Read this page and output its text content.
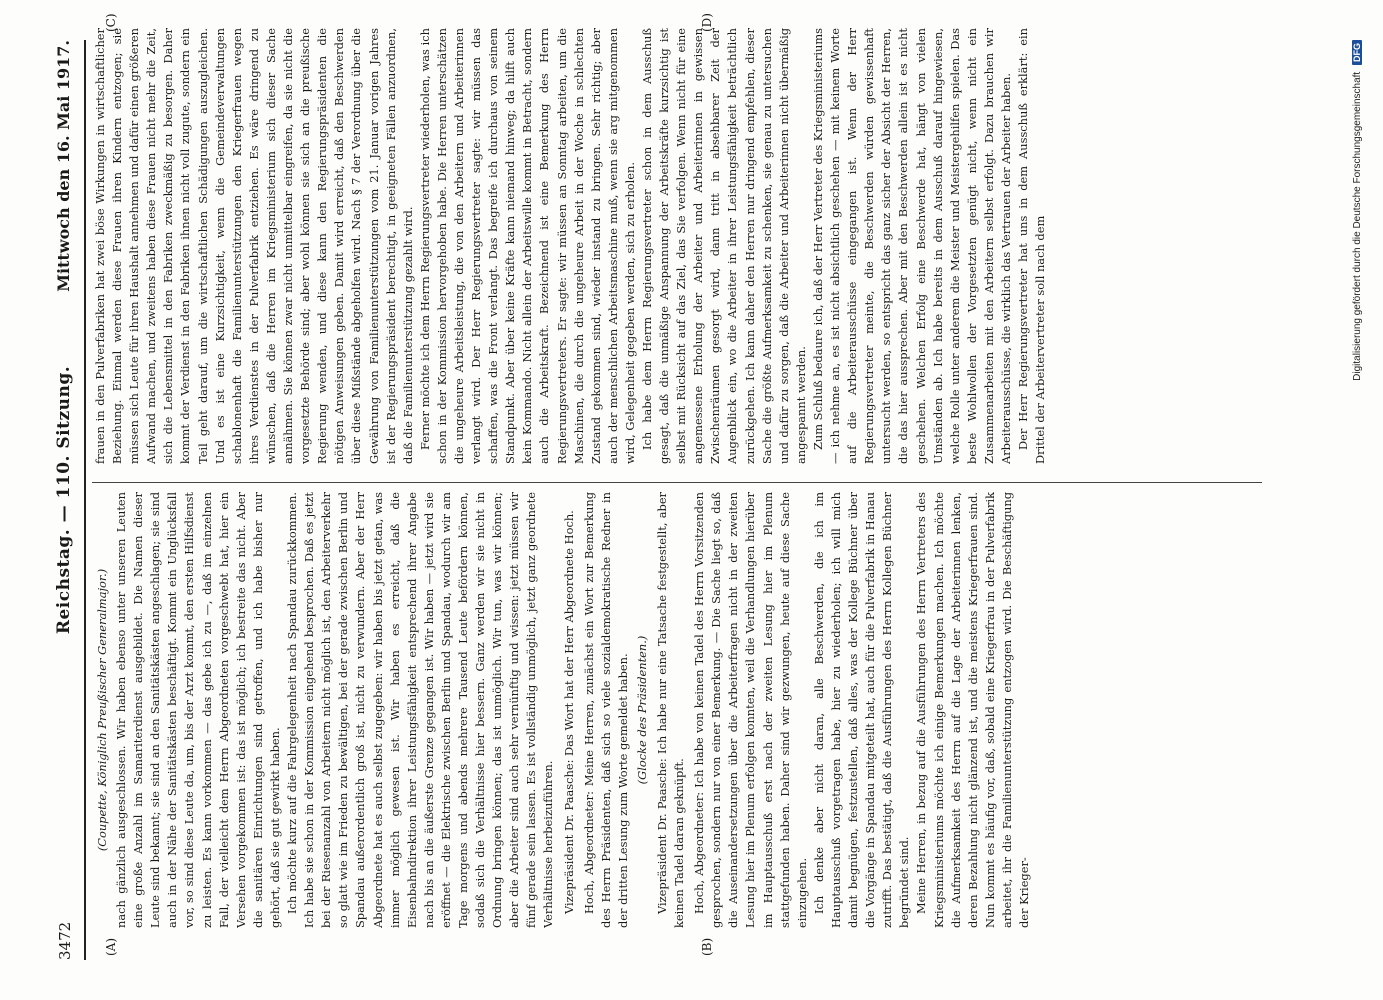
3472
Reichstag. — 110. Sitzung.
Mittwoch den 16. Mai 1917.
(A)	(B)
(C)	(D)

(Coupette, Königlich Preußischer Generalmajor.) nach gänzlich ausgeschlossen. Wir haben ebenso unter unseren Leuten eine große Anzahl im Samariterdienst ausgebildet. Die Namen dieser Leute sind bekannt; sie sind an den Sanitätskästen angeschlagen; sie sind auch in der Nähe der Sanitätskästen beschäftigt. Kommt ein Unglücksfall vor, so sind diese Leute da, um, bis der Arzt kommt, den ersten Hilfsdienst zu leisten. Es kann vorkommen — das gebe ich zu —, daß im einzelnen Fall, der vielleicht dem Herrn Abgeordneten vorgeschwebt hat, hier ein Versehen vorgekommen ist: das ist möglich; ich bestreite das nicht. Aber die sanitären Einrichtungen sind getroffen, und ich habe bisher nur gehört, daß sie gut gewirkt haben. Ich möchte kurz auf die Fahrgelegenheit nach Spandau zurückkommen. Ich habe sie schon in der Kommission eingehend besprochen. Daß es jetzt bei der Riesenanzahl von Arbeitern nicht möglich ist, den Arbeiterverkehr so glatt wie im Frieden zu bewältigen, bei der gerade zwischen Berlin und Spandau außerordentlich groß ist, nicht zu verwundern. Aber der Herr Abgeordnete hat es auch selbst zugegeben: wir haben bis jetzt getan, was immer möglich gewesen ist. Wir haben es erreicht, daß die Eisenbahndirektion ihrer Leistungsfähigkeit entsprechend ihrer Angabe nach bis an die äußerste Grenze gegangen ist. Wir haben — jetzt wird sie eröffnet — die Elektrische zwischen Berlin und Spandau, wodurch wir am Tage morgens und abends mehrere Tausend Leute befördern können, sodaß sich die Verhältnisse hier bessern. Ganz werden wir sie nicht in Ordnung bringen können; das ist unmöglich. Wir tun, was wir können; aber die Arbeiter sind auch sehr vernünftig und wissen: jetzt müssen wir fünf gerade sein lassen. Es ist vollständig unmöglich, jetzt ganz geordnete Verhältnisse herbeizuführen. Vizepräsident Dr. Paasche: Das Wort hat der Herr Abgeordnete Hoch. Hoch, Abgeordneter: Meine Herren, zunächst ein Wort zur Bemerkung des Herrn Präsidenten, daß sich so viele sozialdemokratische Redner in der dritten Lesung zum Worte gemeldet haben. (Glocke des Präsidenten.) Vizepräsident Dr. Paasche: Ich habe nur eine Tatsache festgestellt, aber keinen Tadel daran geknüpft. Hoch, Abgeordneter: Ich habe von keinen Tadel des Herrn Vorsitzenden gesprochen, sondern nur von einer Bemerkung. — Die Sache liegt so, daß die Auseinandersetzungen über die Arbeiterfragen nicht in der zweiten Lesung hier im Plenum erfolgen konnten, weil die Verhandlungen hierüber im Hauptausschuß erst nach der zweiten Lesung hier im Plenum stattgefunden haben. Daher sind wir gezwungen, heute auf diese Sache einzugehen. Ich denke aber nicht daran, alle Beschwerden, die ich im Hauptausschuß vorgetragen habe, hier zu wiederholen; ich will mich damit begnügen, festzustellen, daß alles, was der Kollege Büchner über die Vorgänge in Spandau mitgeteilt hat, auch für die Pulverfabrik in Hanau zutrifft. Das bestätigt, daß die Ausführungen des Herrn Kollegen Büchner begründet sind. Meine Herren, in bezug auf die Ausführungen des Herrn Vertreters des Kriegsministeriums möchte ich einige Bemerkungen machen. Ich möchte die Aufmerksamkeit des Herrn auf die Lage der Arbeiterinnen lenken, deren Bezahlung nicht glänzend ist, und die meistens Kriegerfrauen sind. Nun kommt es häufig vor, daß, sobald eine Kriegerfrau in der Pulverfabrik arbeitet, ihr die Familienunterstützung entzogen wird. Die Beschäftigung der Krieger-

frauen in den Pulverfabriken hat zwei böse Wirkungen in wirtschaftlicher Beziehung. Einmal werden diese Frauen ihren Kindern entzogen; sie müssen sich Leute für ihren Haushalt annehmen und dafür einen größeren Aufwand machen, und zweitens haben diese Frauen nicht mehr die Zeit, sich die Lebensmittel in den Fabriken zweckmäßig zu besorgen. Daher kommt der Verdienst in den Fabriken ihnen nicht voll zugute, sondern ein Teil geht darauf, um die wirtschaftlichen Schädigungen auszugleichen. Und es ist eine Kurzsichtigkeit, wenn die Gemeindeverwaltungen schablonenhaft die Familienunterstützungen den Kriegerfrauen wegen ihres Verdienstes in der Pulverfabrik entziehen. Es wäre dringend zu wünschen, daß die Herren im Kriegsministerium sich dieser Sache annähmen. Sie können zwar nicht unmittelbar eingreifen, da sie nicht die vorgesetzte Behörde sind; aber wohl können sie sich an die preußische Regierung wenden, und diese kann den Regierungspräsidenten die nötigen Anweisungen geben. Damit wird erreicht, daß den Beschwerden über diese Mißstände abgeholfen wird. Nach § 7 der Verordnung über die Gewährung von Familienunterstützungen vom 21. Januar vorigen Jahres ist der Regierungspräsident berechtigt, in geeigneten Fällen anzuordnen, daß die Familienunterstützung gezahlt wird. Ferner möchte ich dem Herrn Regierungsvertreter wiederholen, was ich schon in der Kommission hervorgehoben habe. Die Herren unterschätzen die ungeheure Arbeitsleistung, die von den Arbeitern und Arbeiterinnen verlangt wird. Der Herr Regierungsvertreter sagte: wir müssen das schaffen, was die Front verlangt. Das begreife ich durchaus von seinem Standpunkt. Aber über keine Kräfte kann niemand hinweg; da hilft auch kein Kommando. Nicht allein der Arbeitswille kommt in Betracht, sondern auch die Arbeitskraft. Bezeichnend ist eine Bemerkung des Herrn Regierungsvertreters. Er sagte: wir müssen an Sonntag arbeiten, um die Maschinen, die durch die ungeheure Arbeit in der Woche in schlechten Zustand gekommen sind, wieder instand zu bringen. Sehr richtig; aber auch der menschlichen Arbeitsmaschine muß, wenn sie arg mitgenommen wird, Gelegenheit gegeben werden, sich zu erholen. Ich habe dem Herrn Regierungsvertreter schon in dem Ausschuß gesagt, daß die unmäßige Anspannung der Arbeitskräfte kurzsichtig ist selbst mit Rücksicht auf das Ziel, das Sie verfolgen. Wenn nicht für eine angemessene Erholung der Arbeiter und Arbeiterinnen in gewissen Zwischenräumen gesorgt wird, dann tritt in absehbarer Zeit der Augenblick ein, wo die Arbeiter in ihrer Leistungsfähigkeit beträchtlich zurückgehen. Ich kann daher den Herren nur dringend empfehlen, dieser Sache die größte Aufmerksamkeit zu schenken, sie genau zu untersuchen und dafür zu sorgen, daß die Arbeiter und Arbeiterinnen nicht übermäßig angespannt werden. Zum Schluß bedaure ich, daß der Herr Vertreter des Kriegsministeriums — ich nehme an, es ist nicht absichtlich geschehen — mit keinem Worte auf die Arbeiterausschüsse eingegangen ist. Wenn der Herr Regierungsvertreter meinte, die Beschwerden würden gewissenhaft untersucht werden, so entspricht das ganz sicher der Absicht der Herren, die das hier aussprechen. Aber mit den Beschwerden allein ist es nicht geschehen. Welchen Erfolg eine Beschwerde hat, hängt von vielen Umständen ab. Ich habe bereits in dem Ausschuß darauf hingewiesen, welche Rolle unter anderem die Meister und Meistergehilfen spielen. Das beste Wohlwollen der Vorgesetzten genügt nicht, wenn nicht ein Zusammenarbeiten mit den Arbeitern selbst erfolgt. Dazu brauchen wir Arbeiterausschüsse, die wirklich das Vertrauen der Arbeiter haben. Der Herr Regierungsvertreter hat uns in dem Ausschuß erklärt: ein Drittel der Arbeitervertreter soll nach dem	Digitalisierung gefördert durch die Deutsche Forschungsgemeinschaft DFG
